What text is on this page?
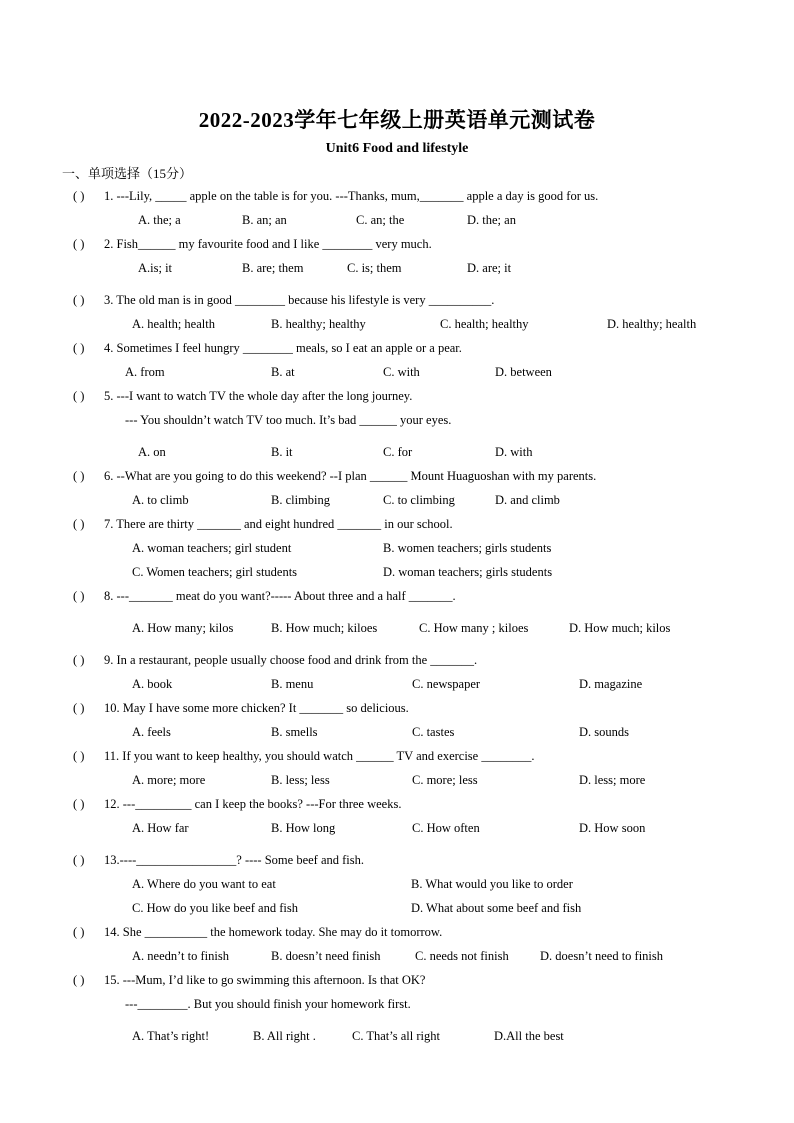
2022-2023学年七年级上册英语单元测试卷
Unit6 Food and lifestyle
一、单项选择（15分）
( ) 1. ---Lily, _____ apple on the table is for you. ---Thanks, mum,_______ apple a day is good for us.
A. the; a	B. an; an	C. an; the	D. the; an
( ) 2. Fish______ my favourite food and I like ________ very much.
A.is; it	B. are; them	C. is; them	D. are; it
( ) 3. The old man is in good ________ because his lifestyle is very __________.
A. health; health	B. healthy; healthy	C. health; healthy	D. healthy; health
( ) 4. Sometimes I feel hungry ________ meals, so I eat an apple or a pear.
A. from	B. at	C. with	D. between
( ) 5. ---I want to watch TV the whole day after the long journey.
--- You shouldn’t watch TV too much. It’s bad ______ your eyes.
A. on	B. it	C. for	D. with
( ) 6. --What are you going to do this weekend? --I plan ______ Mount Huaguoshan with my parents.
A. to climb	B. climbing	C. to climbing	D. and climb
( ) 7. There are thirty _______ and eight hundred _______ in our school.
A. woman teachers; girl student	B. women teachers; girls students
C. Women teachers; girl students	D. woman teachers; girls students
( ) 8. ---_______ meat do you want?----- About three and a half _______.
A. How many; kilos	B. How much; kiloes	C. How many ; kiloes	D. How much; kilos
( ) 9. In a restaurant, people usually choose food and drink from the _______.
A. book	B. menu	C. newspaper	D. magazine
( ) 10. May I have some more chicken? It _______ so delicious.
A. feels	B. smells	C. tastes	D. sounds
( ) 11. If you want to keep healthy, you should watch ______ TV and exercise ________.
A. more; more	B. less; less	C. more; less	D. less; more
( ) 12. ---_________ can I keep the books? ---For three weeks.
A. How far	B. How long	C. How often	D. How soon
( ) 13.----________________? ---- Some beef and fish.
A. Where do you want to eat	B. What would you like to order
C. How do you like beef and fish	D. What about some beef and fish
( ) 14. She __________ the homework today. She may do it tomorrow.
A. needn’t to finish	B. doesn’t need finish	C. needs not finish	D. doesn’t need to finish
( ) 15. ---Mum, I’d like to go swimming this afternoon. Is that OK?
---________. But you should finish your homework first.
A. That’s right!	B. All right .	C. That’s all right	D.All the best
